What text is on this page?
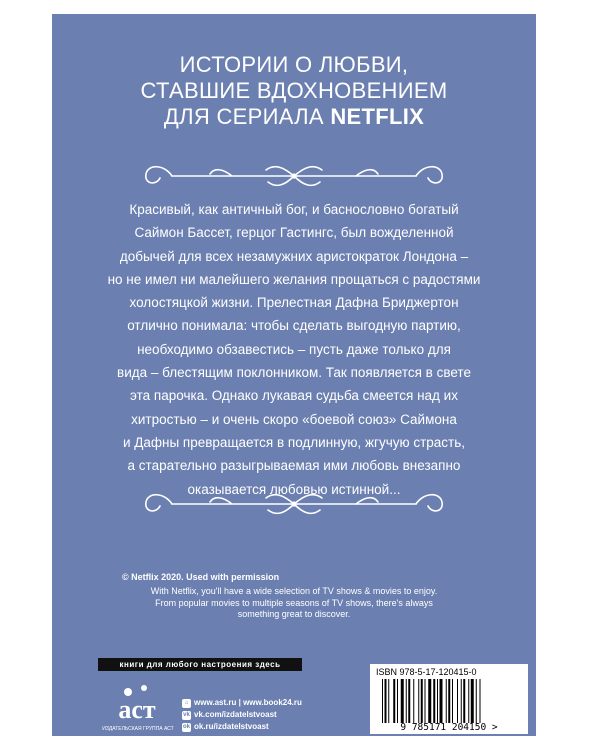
ИСТОРИИ О ЛЮБВИ,
СТАВШИЕ ВДОХНОВЕНИЕМ
ДЛЯ СЕРИАЛА NETFLIX
Красивый, как античный бог, и баснословно богатый
Саймон Бассет, герцог Гастингс, был вожделенной
добычей для всех незамужних аристократок Лондона –
но не имел ни малейшего желания прощаться с радостями
холостяцкой жизни. Прелестная Дафна Бриджертон
отлично понимала: чтобы сделать выгодную партию,
необходимо обзавестись – пусть даже только для
вида – блестящим поклонником. Так появляется в свете
эта парочка. Однако лукавая судьба смеется над их
хитростью – и очень скоро «боевой союз» Саймона
и Дафны превращается в подлинную, жгучую страсть,
а старательно разыгрываемая ими любовь внезапно
оказывается любовью истинной...
© Netflix 2020. Used with permission
With Netflix, you'll have a wide selection of TV shows & movies to enjoy.
From popular movies to multiple seasons of TV shows, there's always
something great to discover.
книги для любого настроения здесь
аст
ИЗДАТЕЛЬСКАЯ ГРУППА АСТ
⌂ www.ast.ru | www.book24.ru
vk vk.com/izdatelstvoast
ok ok.ru/izdatelstvoast
ISBN 978-5-17-120415-0
9 785171 204150 >
